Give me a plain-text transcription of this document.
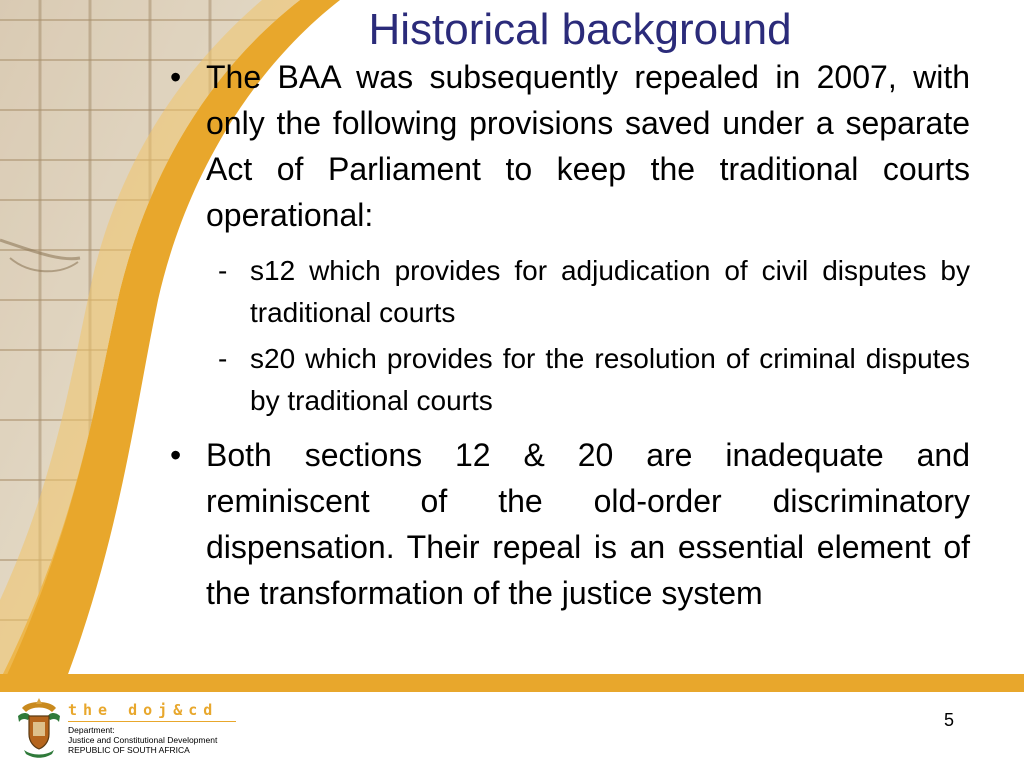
Historical background
• The BAA was subsequently repealed in 2007, with only the following provisions saved under a separate Act of Parliament to keep the traditional courts operational:
- s12 which provides for adjudication of civil disputes by traditional courts
- s20 which provides for the resolution of criminal disputes by traditional courts
• Both sections 12 & 20 are inadequate and reminiscent of the old-order discriminatory dispensation. Their repeal is an essential element of the transformation of the justice system
the doj&cd
Department:
Justice and Constitutional Development
REPUBLIC OF SOUTH AFRICA
5
